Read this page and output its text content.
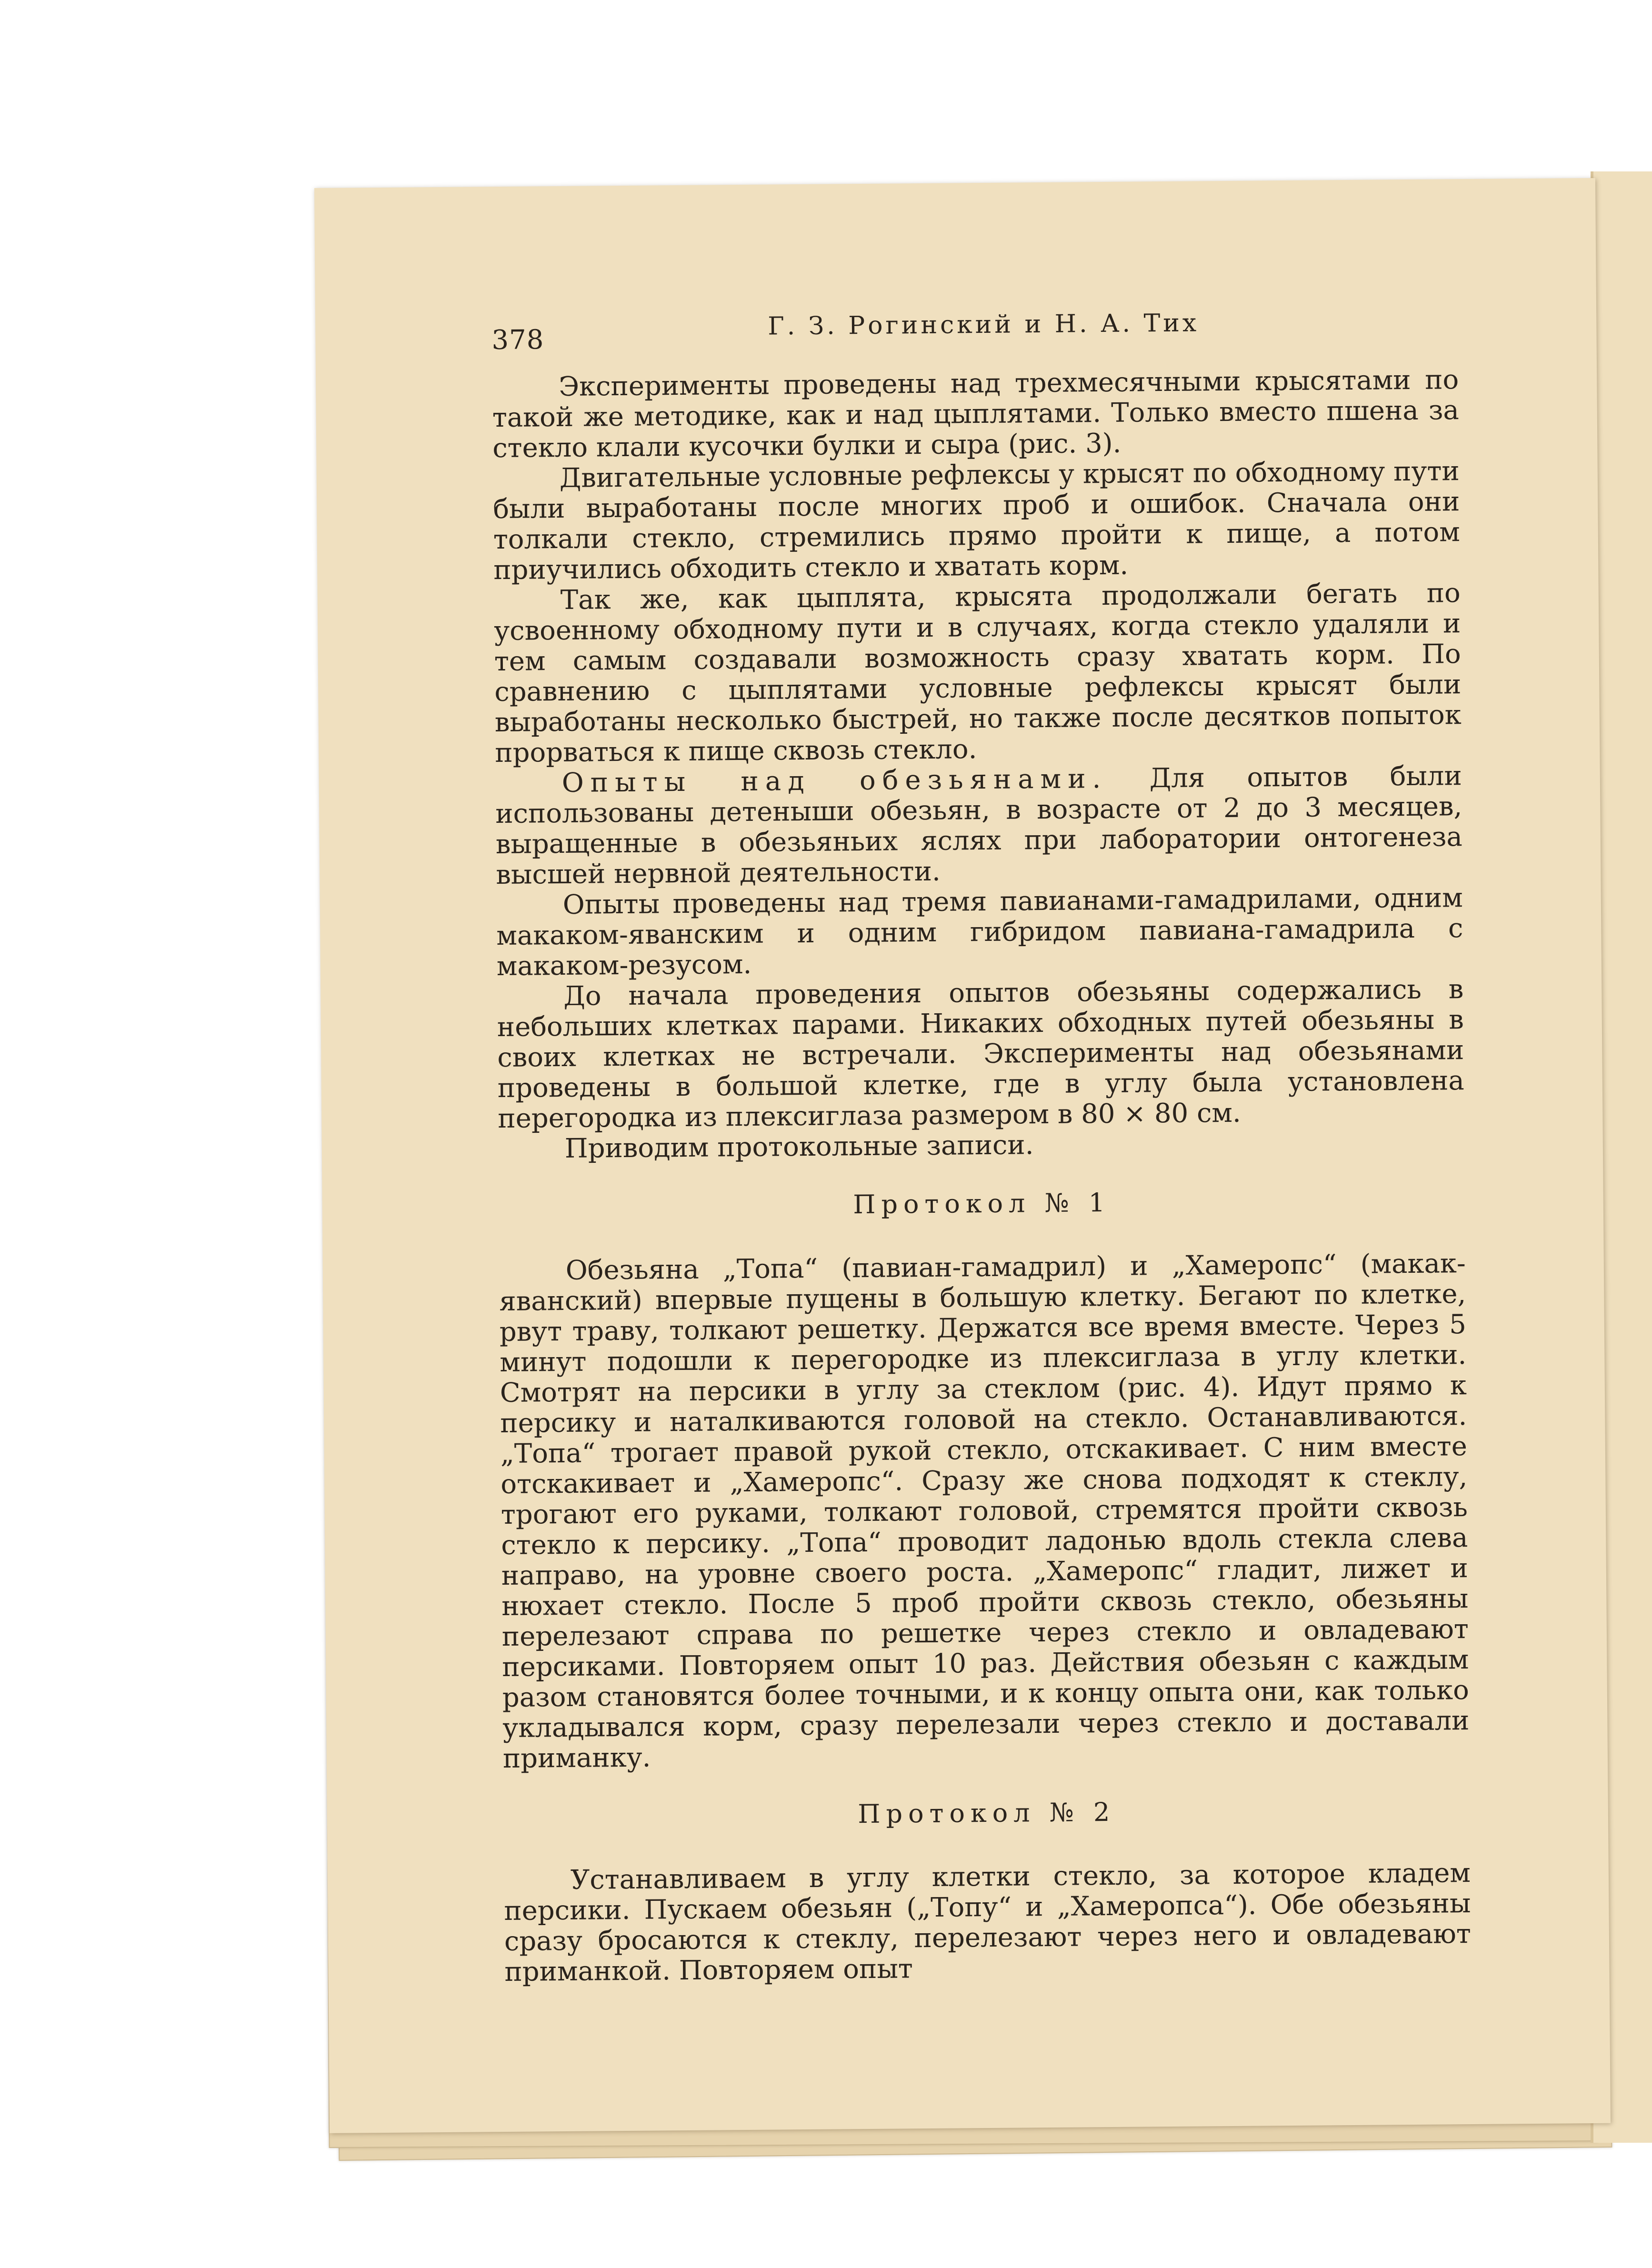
378	Г. З. Рогинский и Н. А. Тих

Эксперименты проведены над трехмесячными крысятами по такой же методике, как и над цыплятами. Только вместо пшена за стекло клали кусочки булки и сыра (рис. 3).

Двигательные условные рефлексы у крысят по обходному пути были выработаны после многих проб и ошибок. Сначала они толкали стекло, стремились прямо пройти к пище, а потом приучились обходить стекло и хватать корм.

Так же, как цыплята, крысята продолжали бегать по усвоенному обходному пути и в случаях, когда стекло удаляли и тем самым создавали возможность сразу хватать корм. По сравнению с цыплятами условные рефлексы крысят были выработаны несколько быстрей, но также после десятков попыток прорваться к пище сквозь стекло.

Опыты над обезьянами. Для опытов были использованы детеныши обезьян, в возрасте от 2 до 3 месяцев, выращенные в обезьяньих яслях при лаборатории онтогенеза высшей нервной деятельности.

Опыты проведены над тремя павианами-гамадрилами, одним макаком-яванским и одним гибридом павиана-гамадрила с макаком-резусом.

До начала проведения опытов обезьяны содержались в небольших клетках парами. Никаких обходных путей обезьяны в своих клетках не встречали. Эксперименты над обезьянами проведены в большой клетке, где в углу была установлена перегородка из плексиглаза размером в 80 × 80 см.

Приводим протокольные записи.

Протокол № 1

Обезьяна „Топа“ (павиан-гамадрил) и „Хамеропс“ (макак-яванский) впервые пущены в большую клетку. Бегают по клетке, рвут траву, толкают решетку. Держатся все время вместе. Через 5 минут подошли к перегородке из плексиглаза в углу клетки. Смотрят на персики в углу за стеклом (рис. 4). Идут прямо к персику и наталкиваются головой на стекло. Останавливаются. „Топа“ трогает правой рукой стекло, отскакивает. С ним вместе отскакивает и „Хамеропс“. Сразу же снова подходят к стеклу, трогают его руками, толкают головой, стремятся пройти сквозь стекло к персику. „Топа“ проводит ладонью вдоль стекла слева направо, на уровне своего роста. „Хамеропс“ гладит, лижет и нюхает стекло. После 5 проб пройти сквозь стекло, обезьяны перелезают справа по решетке через стекло и овладевают персиками. Повторяем опыт 10 раз. Действия обезьян с каждым разом становятся более точными, и к концу опыта они, как только укладывался корм, сразу перелезали через стекло и доставали приманку.

Протокол № 2

Устанавливаем в углу клетки стекло, за которое кладем персики. Пускаем обезьян („Топу“ и „Хамеропса“). Обе обезьяны сразу бросаются к стеклу, перелезают через него и овладевают приманкой. Повторяем опыт
